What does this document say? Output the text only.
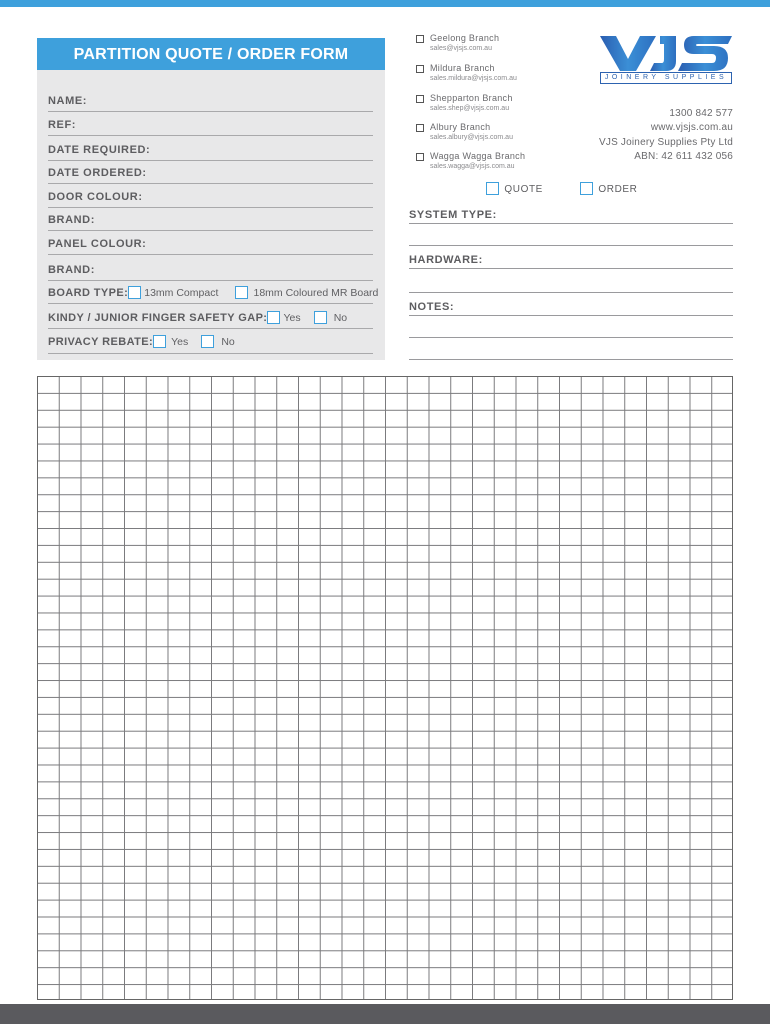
PARTITION QUOTE / ORDER FORM
NAME:
REF:
DATE REQUIRED:
DATE ORDERED:
DOOR COLOUR:
BRAND:
PANEL COLOUR:
BRAND:
BOARD TYPE: 13mm Compact	18mm Coloured MR Board
KINDY / JUNIOR FINGER SAFETY GAP: Yes	No
PRIVACY REBATE: Yes	No
Geelong Branch
sales@vjsjs.com.au
Mildura Branch
sales.mildura@vjsjs.com.au
Shepparton Branch
sales.shep@vjsjs.com.au
Albury Branch
sales.albury@vjsjs.com.au
Wagga Wagga Branch
sales.wagga@vjsjs.com.au
JOINERY SUPPLIES
1300 842 577
www.vjsjs.com.au
VJS Joinery Supplies Pty Ltd
ABN: 42 611 432 056
QUOTE	ORDER
SYSTEM TYPE:
HARDWARE:
NOTES:
